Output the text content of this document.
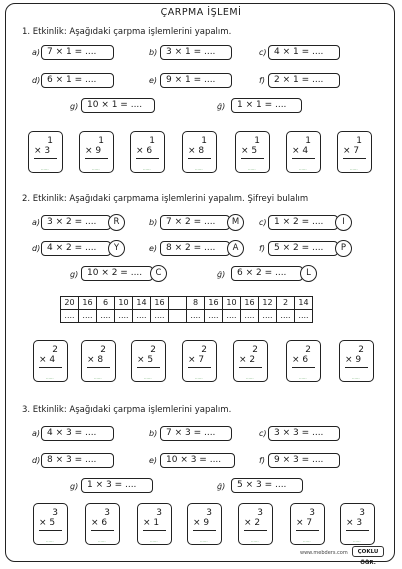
ÇARPMA İŞLEMİ
1. Etkinlik: Aşağıdaki çarpma işlemlerini yapalım.
a) 7 × 1 = ....	b) 3 × 1 = ....	c) 4 × 1 = ....
d) 6 × 1 = ....	e) 9 × 1 = ....	f)	2 × 1 = ....
g) 10 × 1 = ....	ğ)	1 × 1 = ....
1
× 3
......
1
× 9
......
1
× 6
......
1
× 8
......
1
× 5
......
1
× 4
......
1
× 7
......
2. Etkinlik: Aşağıdaki çarpmama işlemlerini yapalım. Şifreyi bulalım
a) 3 × 2 = ....	R	b) 7 × 2 = ....	M	c) 1 × 2 = ....	I
d) 4 × 2 = ....	Y	e) 8 × 2 = ....	A	f)	5 × 2 = ....	P
g) 10 × 2 = ....	C	ğ)	6 × 2 = ....	L
20	16	6	10	14	16		8	16	10	16	12	2	14
....	....	....	....	....	....		....	....	....	....	....	....	....
2
× 4
......
2
× 8
......
2
× 5
......
2
× 7
......
2
× 2
......
2
× 6
......
2
× 9
......
3. Etkinlik: Aşağıdaki çarpma işlemlerini yapalım.
a) 4 × 3 = ....	b) 7 × 3 = ....	c) 3 × 3 = ....
d) 8 × 3 = ....	e) 10 × 3 = ....	f)	9 × 3 = ....
g) 1 × 3 = ....	ğ)	5 × 3 = ....
3
× 5
......
3
× 6
......
3
× 1
......
3
× 9
......
3
× 2
......
3
× 7
......
3
× 3
......
www.mebders.com	ÇOKLU ÖĞR.
